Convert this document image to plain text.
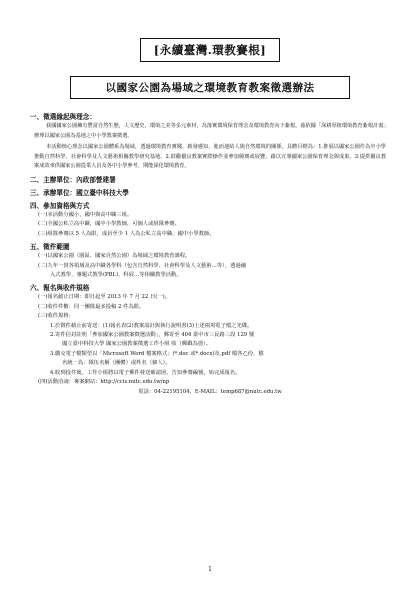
[永續臺灣.環教賽根]
以國家公園為場域之環境教育教案徵選辦法
一、徵選緣起與理念：
我國國家公園擁有豐富自然生態，人文歷史，環境之美等多元素材，為落實環境保育理念及環境教育向下紮根，茲依據「深耕厚植環境教育紮根計畫」辦理以國家公園為基地之中小學教案徵選。
本活動核心理念以國家公園體系為場域，透過環境教育實踐，啟發感知，進而連結人與自然環境的關係。具體目標為：1.推展以國家公園作為中小學推動自然科學、社會科學及人文藝術相關教學研究基地。2.鼓勵優良教案實際操作並參加競賽或展覽，藉以宣導國家公園保育理念與成果。3.提供優良教案成效來供國家公園從業人員及各中小學參考，期能深化環境教育。
二、主辦單位：內政部營建署
三、承辦單位：國立臺中科技大學
四、參加資格與方式
(一)本活動分國小、國中與高中職三組。
(二)全國公私立高中職，國中小學教師，可個人或組隊參賽。
(三)組隊參賽以 5 人為限，成員至少 1 人為公私立高中職、國中小學教師。
五、徵件範圍
(一)以國家公園（園區、國家自然公園）為場域之環境教育課程。
(二)九年一貫各領域及高中職各學科（包含自然科學、社會科學及人文藝術…等）、透過融
入式教學、專題式教學(PBL)、科展…等相關教學活動。
六、報名與收件規格
(一)報名截止日期：即日起至 2013 年 7 月 22 日(一)。
(二)收件件數：同一團隊最多投稿 2 件為限。
(三)收件規格：
1.於徵件截止前寄送：(1)報名表(2)教案設計與執行說明書(3)上述兩項電子檔之光碟。
2.寄件信封註明「參加國家公園教案徵選活動」，郵寄至 404 臺中市三民路三段 129 號
國立臺中科技大學 國家公園教案徵選工作小組 收（郵戳為憑）。
3.繳交電子檔類型以「Microsoft Word 檔案格式」(*.doc 或*.docx)及.pdf 檔各乙份，檔
名統一為：隊伍名稱（團體）或姓名（個人）。
4.收到投件後，工作小組將以電子郵件發送確認函，告知參賽編號，始完成報名。
(四)活動洽詢：專案網站：http://ccis.nutc.edu.tw/np
電話：04-22195104，E-MAIL：temp687@nutc.edu.tw
1
